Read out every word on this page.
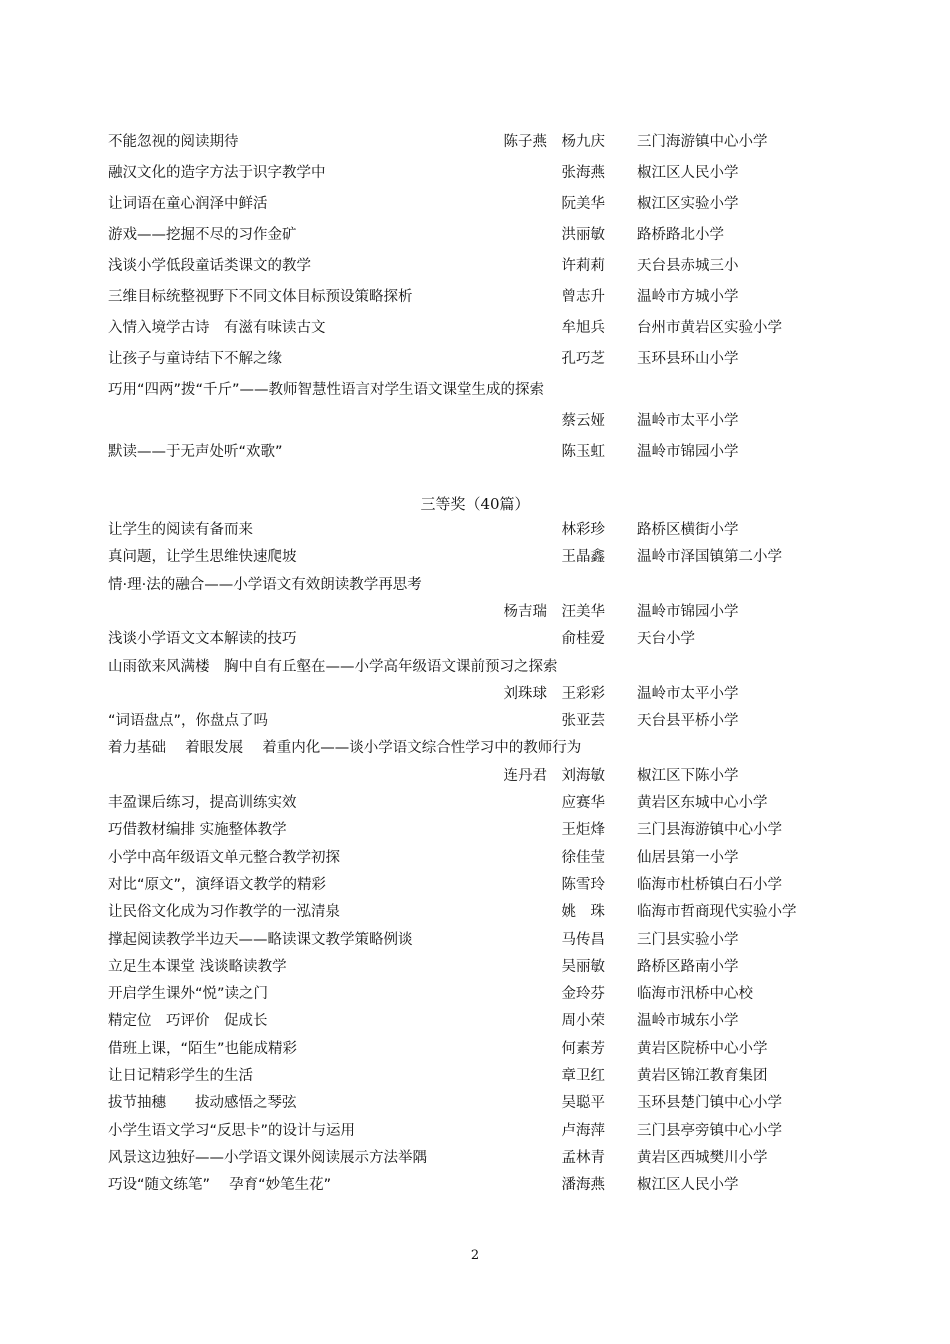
不能忽视的阅读期待	陈子燕　杨九庆 三门海游镇中心小学
融汉文化的造字方法于识字教学中	张海燕 椒江区人民小学
让词语在童心润泽中鲜活	阮美华 椒江区实验小学
游戏——挖掘不尽的习作金矿	洪丽敏 路桥路北小学
浅谈小学低段童话类课文的教学	许莉莉 天台县赤城三小
三维目标统整视野下不同文体目标预设策略探析	曾志升 温岭市方城小学
入情入境学古诗　有滋有味读古文	牟旭兵 台州市黄岩区实验小学
让孩子与童诗结下不解之缘	孔巧芝 玉环县环山小学
巧用“四两”拨“千斤”——教师智慧性语言对学生语文课堂生成的探索
蔡云娅 温岭市太平小学
默读——于无声处听“欢歌”	陈玉虹 温岭市锦园小学
三等奖（40篇）
让学生的阅读有备而来	林彩珍 路桥区横街小学
真问题，让学生思维快速爬坡	王晶鑫 温岭市泽国镇第二小学
情·理·法的融合——小学语文有效朗读教学再思考
杨吉瑞　汪美华 温岭市锦园小学
浅谈小学语文文本解读的技巧	俞桂爱 天台小学
山雨欲来风满楼　胸中自有丘壑在——小学高年级语文课前预习之探索
刘珠球　王彩彩 温岭市太平小学
“词语盘点”，你盘点了吗	张亚芸 天台县平桥小学
着力基础　 着眼发展　 着重内化——谈小学语文综合性学习中的教师行为
连丹君　刘海敏 椒江区下陈小学
丰盈课后练习，提高训练实效	应赛华 黄岩区东城中心小学
巧借教材编排 实施整体教学	王炬烽 三门县海游镇中心小学
小学中高年级语文单元整合教学初探	徐佳莹 仙居县第一小学
对比“原文”，演绎语文教学的精彩	陈雪玲 临海市杜桥镇白石小学
让民俗文化成为习作教学的一泓清泉	姚　珠 临海市哲商现代实验小学
撑起阅读教学半边天——略读课文教学策略例谈	马传昌 三门县实验小学
立足生本课堂 浅谈略读教学	吴丽敏 路桥区路南小学
开启学生课外“悦”读之门	金玲芬 临海市汛桥中心校
精定位　巧评价　促成长	周小荣 温岭市城东小学
借班上课，“陌生”也能成精彩	何素芳 黄岩区院桥中心小学
让日记精彩学生的生活	章卫红 黄岩区锦江教育集团
拔节抽穗　　拔动感悟之琴弦	吴聪平 玉环县楚门镇中心小学
小学生语文学习“反思卡”的设计与运用	卢海萍 三门县亭旁镇中心小学
风景这边独好——小学语文课外阅读展示方法举隅	孟林青 黄岩区西城樊川小学
巧设“随文练笔”　 孕育“妙笔生花”	潘海燕 椒江区人民小学
2
